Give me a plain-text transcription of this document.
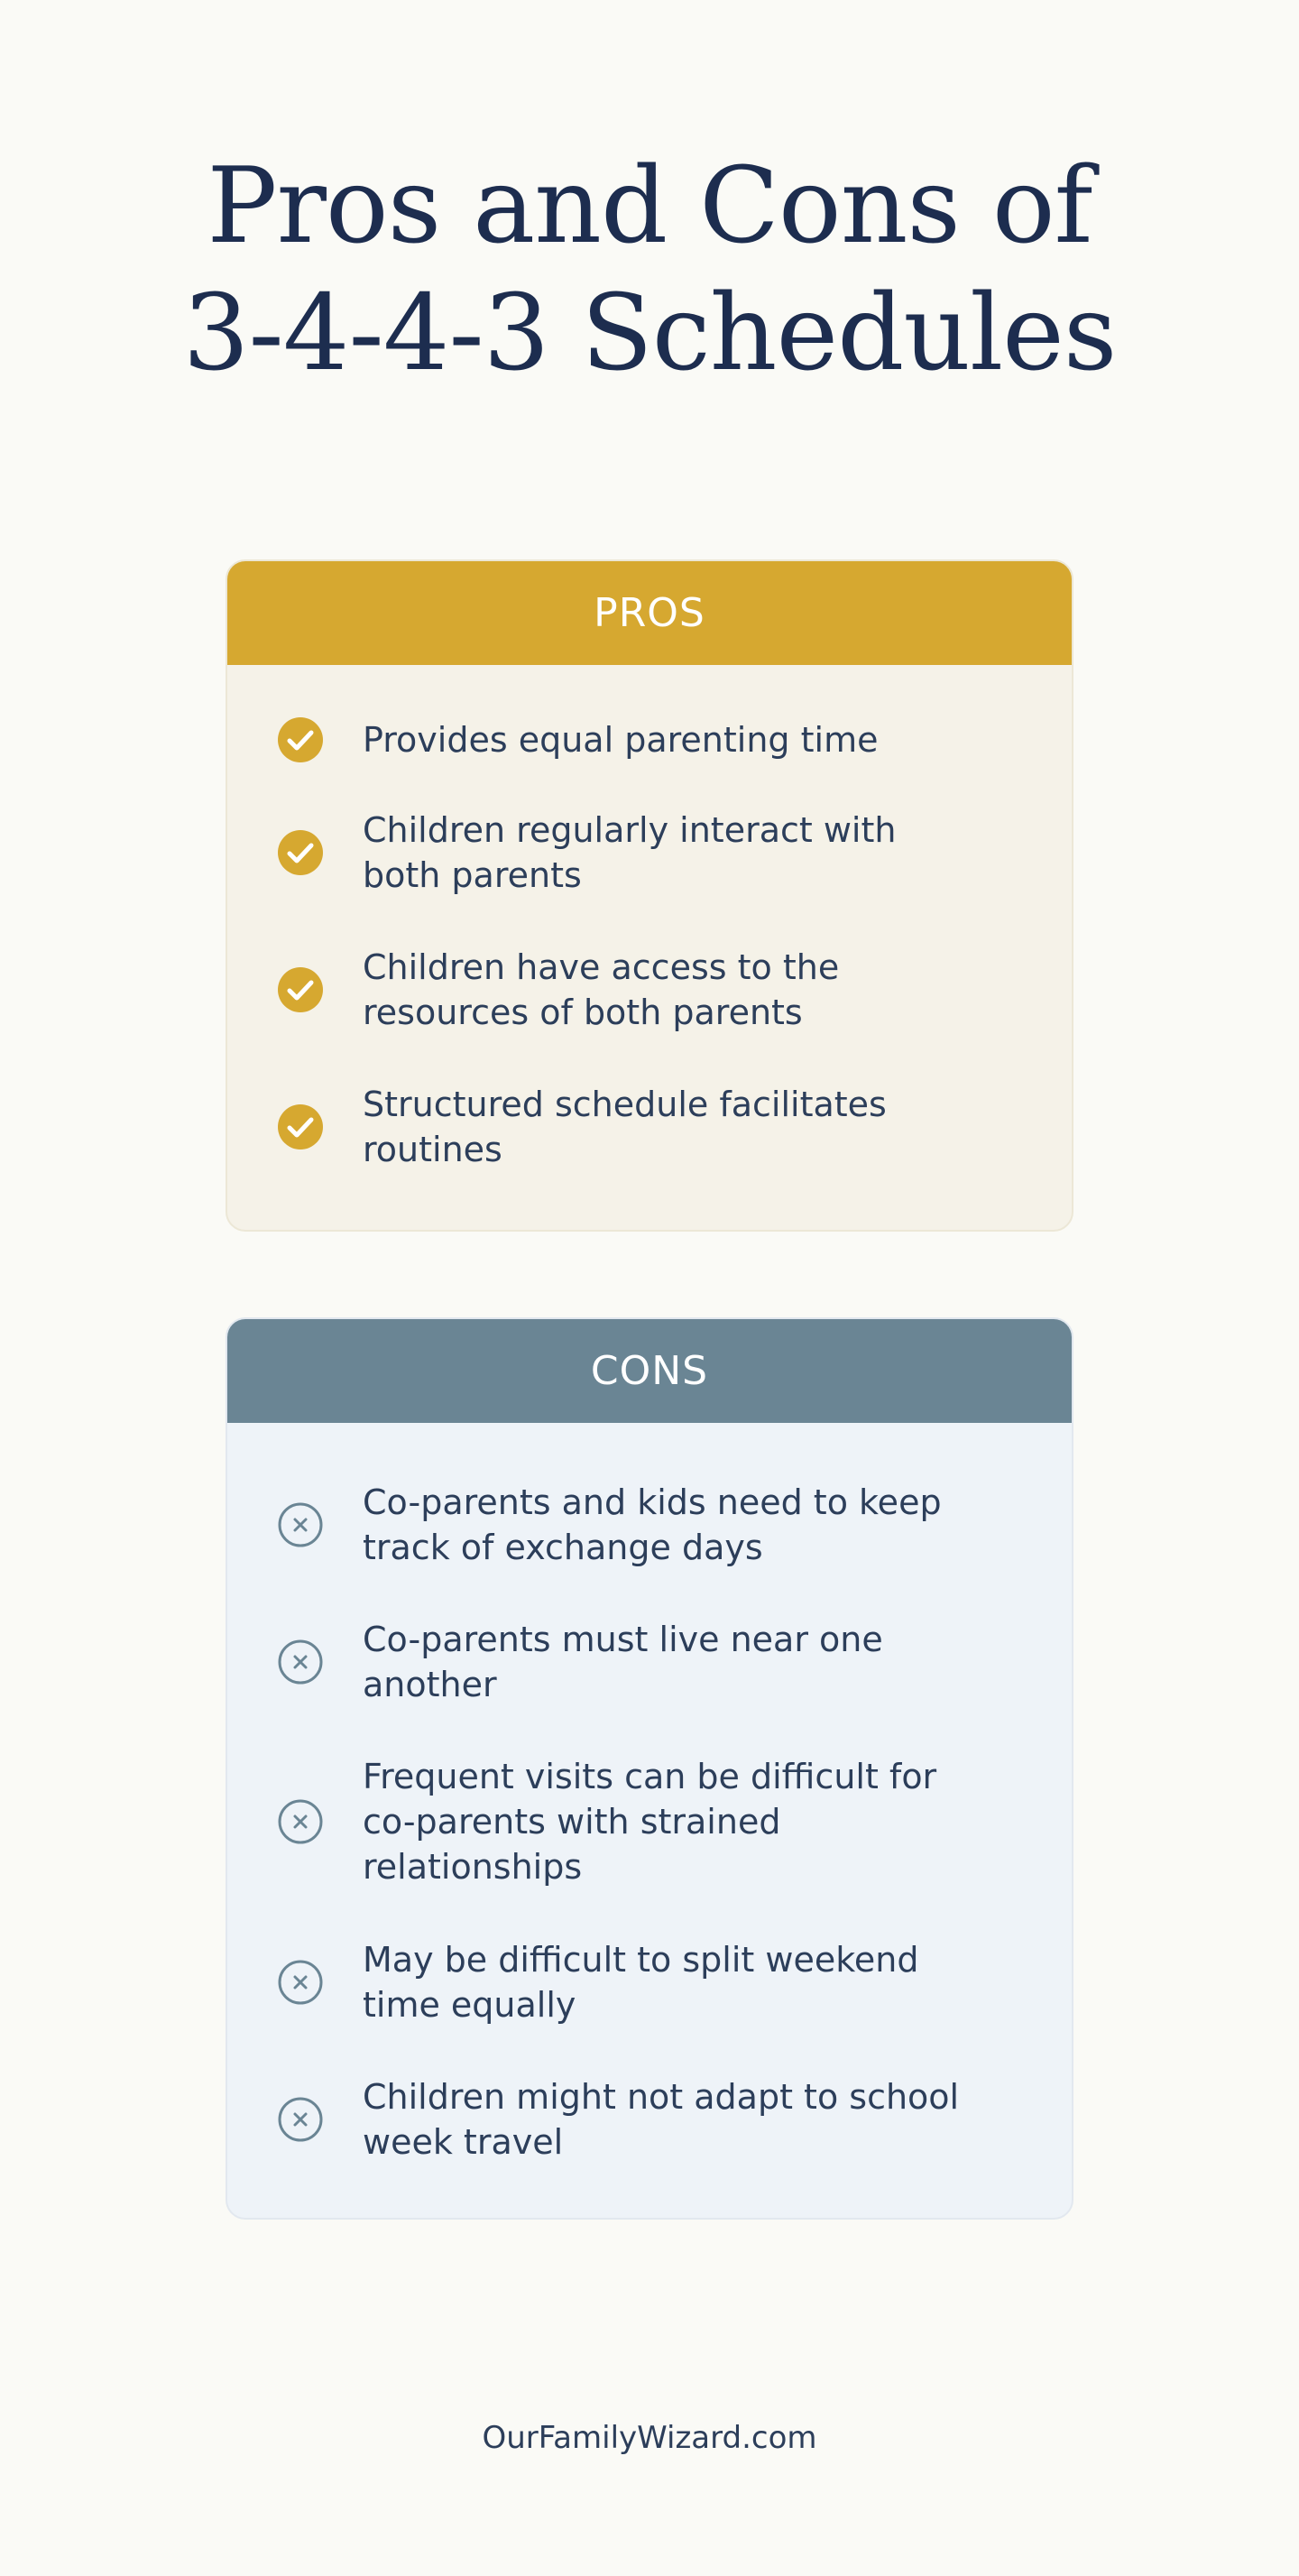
Pros and Cons of
3-4-4-3 Schedules
PROS
Provides equal parenting time
Children regularly interact with
both parents
Children have access to the
resources of both parents
Structured schedule facilitates
routines
CONS
Co-parents and kids need to keep
track of exchange days
Co-parents must live near one
another
Frequent visits can be difficult for
co-parents with strained
relationships
May be difficult to split weekend
time equally
Children might not adapt to school
week travel
OurFamilyWizard.com
